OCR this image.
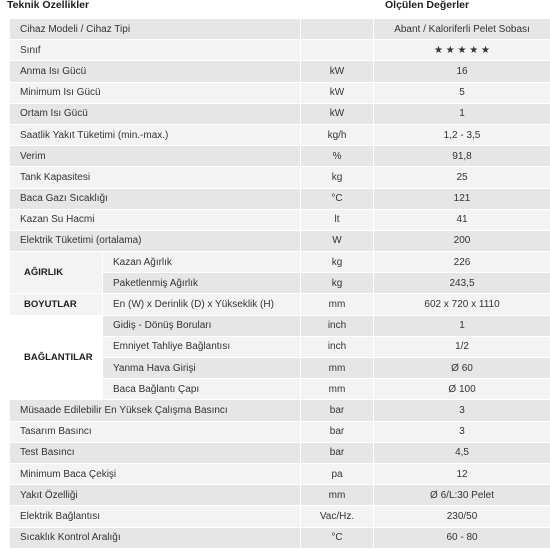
Teknik Özellikler	Ölçülen Değerler
Cihaz Modeli / Cihaz Tipi			Abant / Kaloriferli Pelet Sobası
Sınıf			★ ★ ★ ★ ★
Anma Isı Gücü		kW	16
Minimum Isı Gücü		kW	5
Ortam Isı Gücü		kW	1
Saatlik Yakıt Tüketimi (min.-max.)		kg/h	1,2 - 3,5
Verim		%	91,8
Tank Kapasitesi		kg	25
Baca Gazı Sıcaklığı		°C	121
Kazan Su Hacmi		lt	41
Elektrik Tüketimi (ortalama)		W	200
AĞIRLIK	Kazan Ağırlık	kg	226
	Paketlenmiş Ağırlık	kg	243,5
BOYUTLAR	En (W) x Derinlik (D) x Yükseklik (H)	mm	602 x 720 x 1110
BAĞLANTILAR	Gidiş - Dönüş Boruları	inch	1
	Emniyet Tahliye Bağlantısı	inch	1/2
	Yanma Hava Girişi	mm	Ø 60
	Baca Bağlantı Çapı	mm	Ø 100
Müsaade Edilebilir En Yüksek Çalışma Basıncı		bar	3
Tasarım Basıncı		bar	3
Test Basıncı		bar	4,5
Minimum Baca Çekişi		pa	12
Yakıt Özelliği		mm	Ø 6/L:30 Pelet
Elektrik Bağlantısı		Vac/Hz.	230/50
Sıcaklık Kontrol Aralığı		°C	60 - 80
